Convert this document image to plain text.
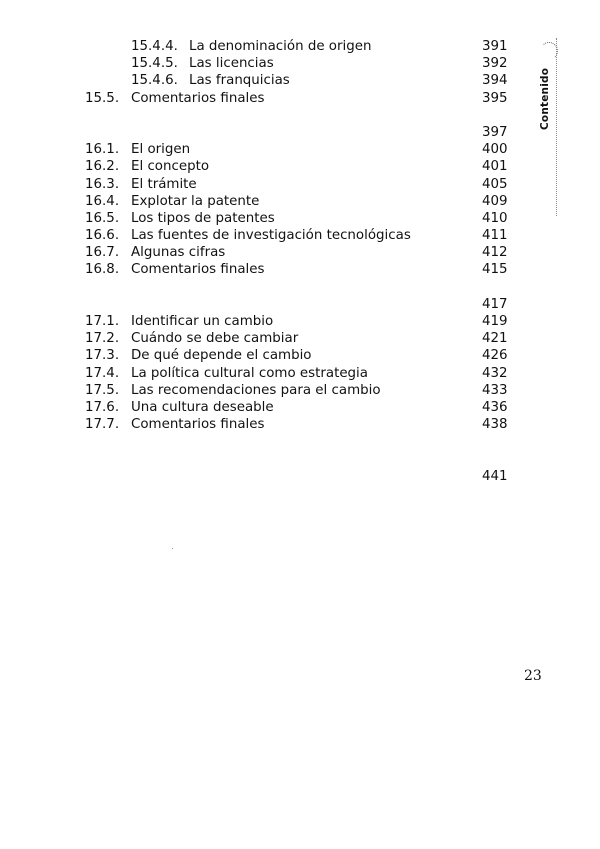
15.4.4. La denominación de origen	391
15.4.5. Las licencias	392
15.4.6. Las franquicias	394
15.5. Comentarios finales	395
397
16.1. El origen	400
16.2. El concepto	401
16.3. El trámite	405
16.4. Explotar la patente	409
16.5. Los tipos de patentes	410
16.6. Las fuentes de investigación tecnológicas	411
16.7. Algunas cifras	412
16.8. Comentarios finales	415
417
17.1. Identificar un cambio	419
17.2. Cuándo se debe cambiar	421
17.3. De qué depende el cambio	426
17.4. La política cultural como estrategia	432
17.5. Las recomendaciones para el cambio	433
17.6. Una cultura deseable	436
17.7. Comentarios finales	438
441
Contenido
23
